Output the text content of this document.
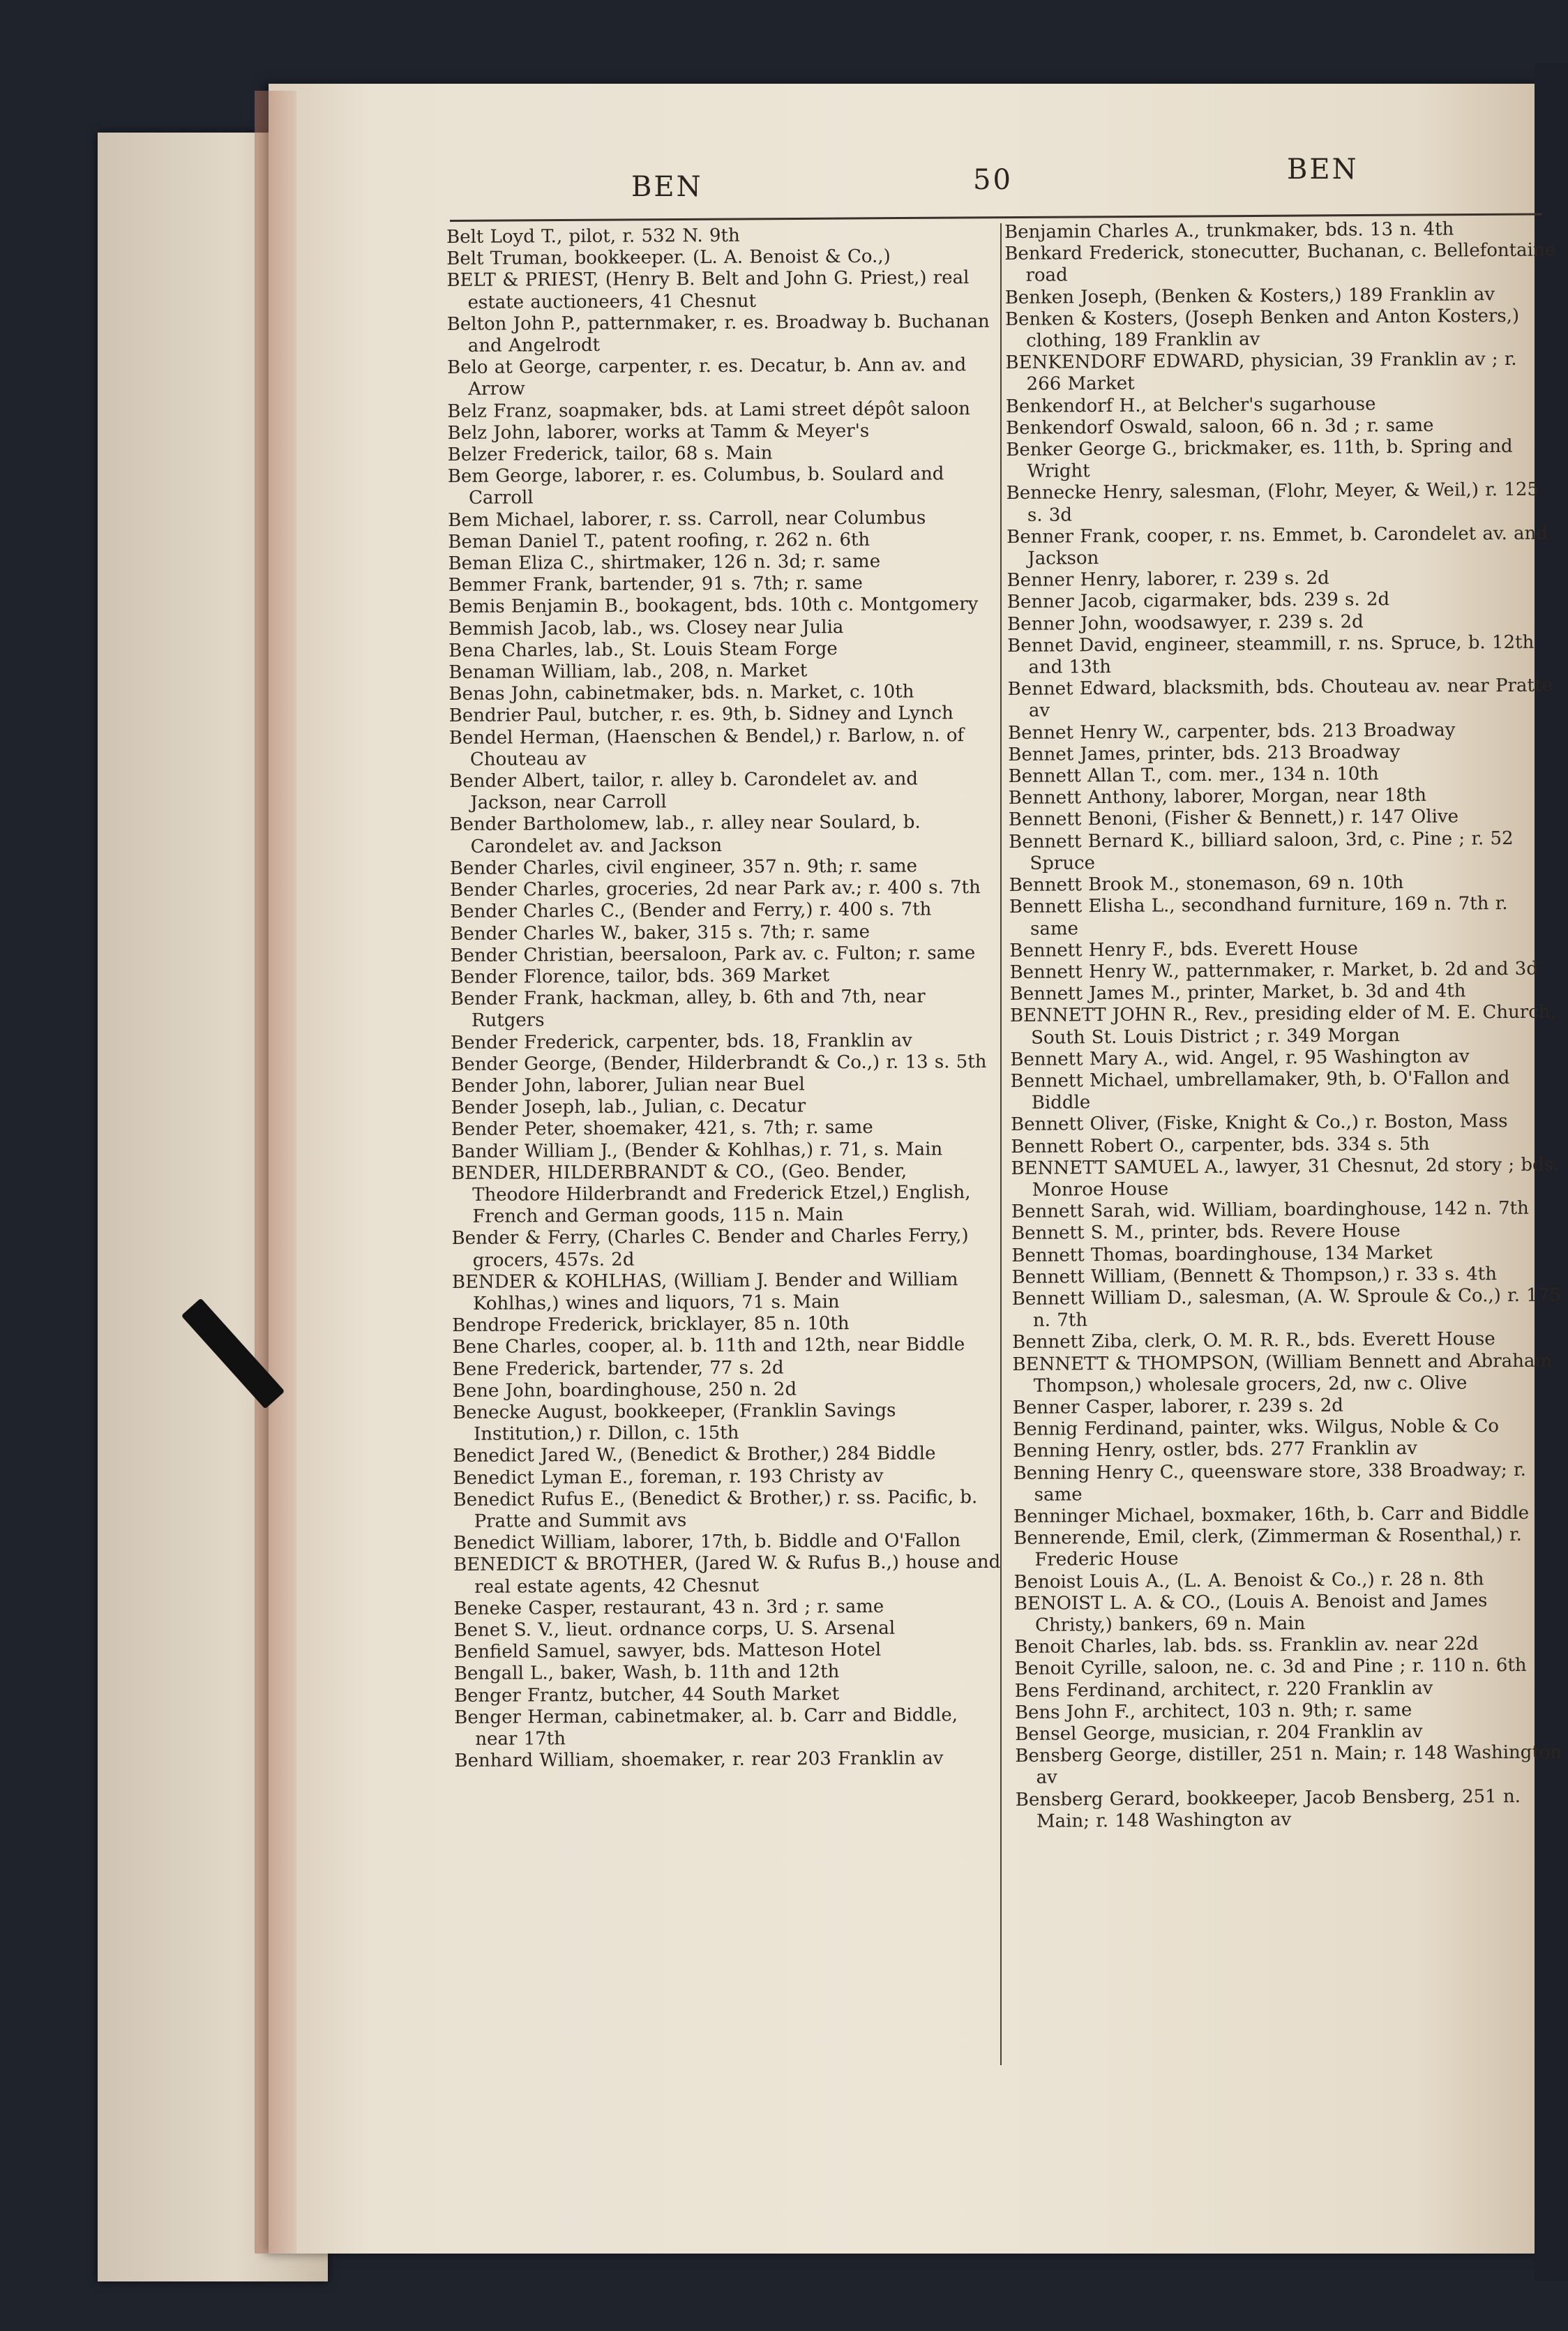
BEN	50	BEN

Belt Loyd T., pilot, r. 532 N. 9th

Belt Truman, bookkeeper. (L. A. Benoist & Co.,)

BELT & PRIEST, (Henry B. Belt and John G. Priest,) real estate auctioneers, 41 Chesnut

Belton John P., patternmaker, r. es. Broadway b. Buchanan and Angelrodt

Belo at George, carpenter, r. es. Decatur, b. Ann av. and Arrow

Belz Franz, soapmaker, bds. at Lami street dépôt saloon

Belz John, laborer, works at Tamm & Meyer's

Belzer Frederick, tailor, 68 s. Main

Bem George, laborer, r. es. Columbus, b. Soulard and Carroll

Bem Michael, laborer, r. ss. Carroll, near Columbus

Beman Daniel T., patent roofing, r. 262 n. 6th

Beman Eliza C., shirtmaker, 126 n. 3d; r. same

Bemmer Frank, bartender, 91 s. 7th; r. same

Bemis Benjamin B., bookagent, bds. 10th c. Montgomery

Bemmish Jacob, lab., ws. Closey near Julia

Bena Charles, lab., St. Louis Steam Forge

Benaman William, lab., 208, n. Market

Benas John, cabinetmaker, bds. n. Market, c. 10th

Bendrier Paul, butcher, r. es. 9th, b. Sidney and Lynch

Bendel Herman, (Haenschen & Bendel,) r. Barlow, n. of Chouteau av

Bender Albert, tailor, r. alley b. Carondelet av. and Jackson, near Carroll

Bender Bartholomew, lab., r. alley near Soulard, b. Carondelet av. and Jackson

Bender Charles, civil engineer, 357 n. 9th; r. same

Bender Charles, groceries, 2d near Park av.; r. 400 s. 7th

Bender Charles C., (Bender and Ferry,) r. 400 s. 7th

Bender Charles W., baker, 315 s. 7th; r. same

Bender Christian, beersaloon, Park av. c. Fulton; r. same

Bender Florence, tailor, bds. 369 Market

Bender Frank, hackman, alley, b. 6th and 7th, near Rutgers

Bender Frederick, carpenter, bds. 18, Franklin av

Bender George, (Bender, Hilderbrandt & Co.,) r. 13 s. 5th

Bender John, laborer, Julian near Buel

Bender Joseph, lab., Julian, c. Decatur

Bender Peter, shoemaker, 421, s. 7th; r. same

Bander William J., (Bender & Kohlhas,) r. 71, s. Main

BENDER, HILDERBRANDT & CO., (Geo. Bender, Theodore Hilderbrandt and Frederick Etzel,) English, French and German goods, 115 n. Main

Bender & Ferry, (Charles C. Bender and Charles Ferry,) grocers, 457s. 2d

BENDER & KOHLHAS, (William J. Bender and William Kohlhas,) wines and liquors, 71 s. Main

Bendrope Frederick, bricklayer, 85 n. 10th

Bene Charles, cooper, al. b. 11th and 12th, near Biddle

Bene Frederick, bartender, 77 s. 2d

Bene John, boardinghouse, 250 n. 2d

Benecke August, bookkeeper, (Franklin Savings Institution,) r. Dillon, c. 15th

Benedict Jared W., (Benedict & Brother,) 284 Biddle

Benedict Lyman E., foreman, r. 193 Christy av

Benedict Rufus E., (Benedict & Brother,) r. ss. Pacific, b. Pratte and Summit avs

Benedict William, laborer, 17th, b. Biddle and O'Fallon

BENEDICT & BROTHER, (Jared W. & Rufus B.,) house and real estate agents, 42 Chesnut

Beneke Casper, restaurant, 43 n. 3rd ; r. same

Benet S. V., lieut. ordnance corps, U. S. Arsenal

Benfield Samuel, sawyer, bds. Matteson Hotel

Bengall L., baker, Wash, b. 11th and 12th

Benger Frantz, butcher, 44 South Market

Benger Herman, cabinetmaker, al. b. Carr and Biddle, near 17th

Benhard William, shoemaker, r. rear 203 Franklin av

Benjamin Charles A., trunkmaker, bds. 13 n. 4th

Benkard Frederick, stonecutter, Buchanan, c. Bellefontaine road

Benken Joseph, (Benken & Kosters,) 189 Franklin av

Benken & Kosters, (Joseph Benken and Anton Kosters,) clothing, 189 Franklin av

BENKENDORF EDWARD, physician, 39 Franklin av ; r. 266 Market

Benkendorf H., at Belcher's sugarhouse

Benkendorf Oswald, saloon, 66 n. 3d ; r. same

Benker George G., brickmaker, es. 11th, b. Spring and Wright

Bennecke Henry, salesman, (Flohr, Meyer, & Weil,) r. 125 s. 3d

Benner Frank, cooper, r. ns. Emmet, b. Carondelet av. and Jackson

Benner Henry, laborer, r. 239 s. 2d

Benner Jacob, cigarmaker, bds. 239 s. 2d

Benner John, woodsawyer, r. 239 s. 2d

Bennet David, engineer, steammill, r. ns. Spruce, b. 12th and 13th

Bennet Edward, blacksmith, bds. Chouteau av. near Pratte av

Bennet Henry W., carpenter, bds. 213 Broadway

Bennet James, printer, bds. 213 Broadway

Bennett Allan T., com. mer., 134 n. 10th

Bennett Anthony, laborer, Morgan, near 18th

Bennett Benoni, (Fisher & Bennett,) r. 147 Olive

Bennett Bernard K., billiard saloon, 3rd, c. Pine ; r. 52 Spruce

Bennett Brook M., stonemason, 69 n. 10th

Bennett Elisha L., secondhand furniture, 169 n. 7th r. same

Bennett Henry F., bds. Everett House

Bennett Henry W., patternmaker, r. Market, b. 2d and 3d

Bennett James M., printer, Market, b. 3d and 4th

BENNETT JOHN R., Rev., presiding elder of M. E. Church, South St. Louis District ; r. 349 Morgan

Bennett Mary A., wid. Angel, r. 95 Washington av

Bennett Michael, umbrellamaker, 9th, b. O'Fallon and Biddle

Bennett Oliver, (Fiske, Knight & Co.,) r. Boston, Mass

Bennett Robert O., carpenter, bds. 334 s. 5th

BENNETT SAMUEL A., lawyer, 31 Chesnut, 2d story ; bds. Monroe House

Bennett Sarah, wid. William, boardinghouse, 142 n. 7th

Bennett S. M., printer, bds. Revere House

Bennett Thomas, boardinghouse, 134 Market

Bennett William, (Bennett & Thompson,) r. 33 s. 4th

Bennett William D., salesman, (A. W. Sproule & Co.,) r. 175 n. 7th

Bennett Ziba, clerk, O. M. R. R., bds. Everett House

BENNETT & THOMPSON, (William Bennett and Abraham Thompson,) wholesale grocers, 2d, nw c. Olive

Benner Casper, laborer, r. 239 s. 2d

Bennig Ferdinand, painter, wks. Wilgus, Noble & Co

Benning Henry, ostler, bds. 277 Franklin av

Benning Henry C., queensware store, 338 Broadway; r. same

Benninger Michael, boxmaker, 16th, b. Carr and Biddle

Bennerende, Emil, clerk, (Zimmerman & Rosenthal,) r. Frederic House

Benoist Louis A., (L. A. Benoist & Co.,) r. 28 n. 8th

BENOIST L. A. & CO., (Louis A. Benoist and James Christy,) bankers, 69 n. Main

Benoit Charles, lab. bds. ss. Franklin av. near 22d

Benoit Cyrille, saloon, ne. c. 3d and Pine ; r. 110 n. 6th

Bens Ferdinand, architect, r. 220 Franklin av

Bens John F., architect, 103 n. 9th; r. same

Bensel George, musician, r. 204 Franklin av

Bensberg George, distiller, 251 n. Main; r. 148 Washington av

Bensberg Gerard, bookkeeper, Jacob Bensberg, 251 n. Main; r. 148 Washington av
